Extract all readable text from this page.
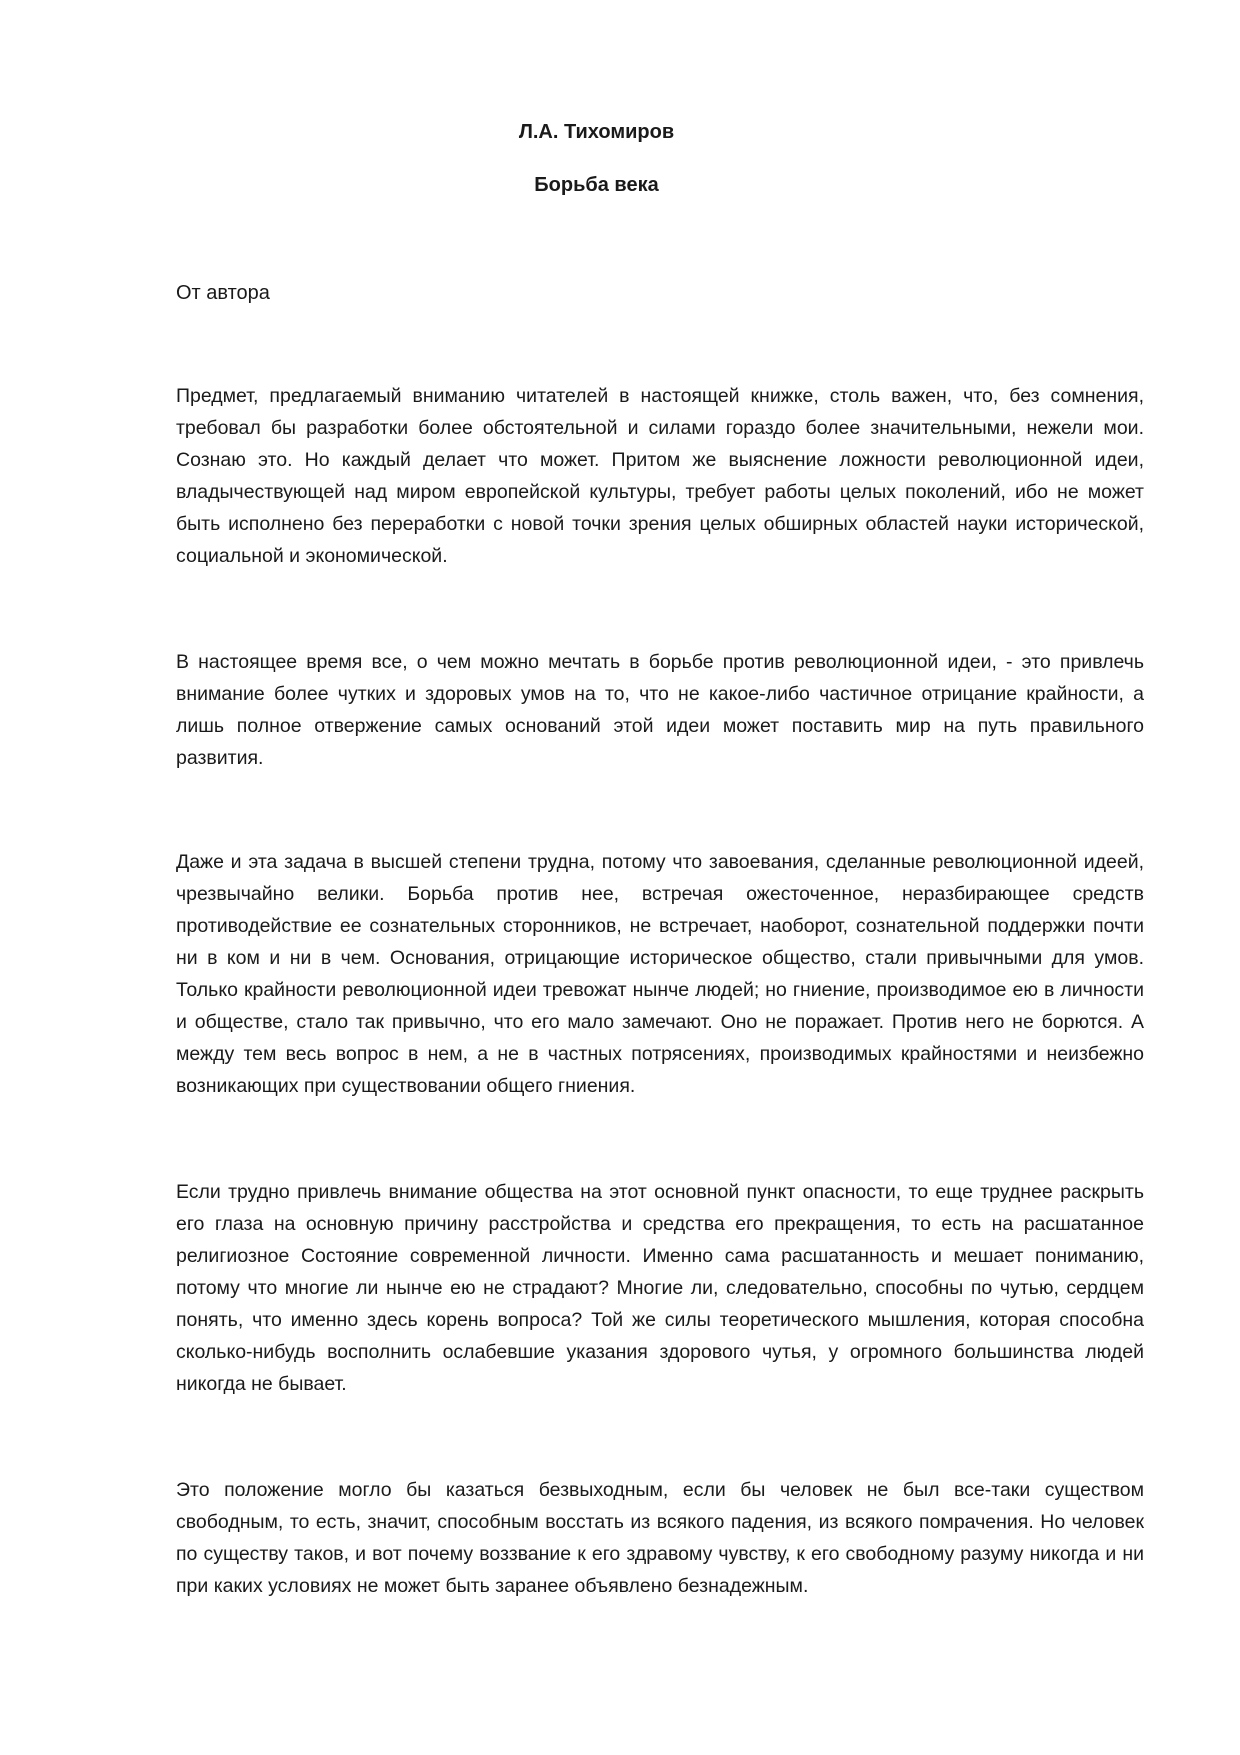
Л.А. Тихомиров
Борьба века
От автора

Предмет, предлагаемый вниманию читателей в настоящей книжке, столь важен, что, без сомнения, требовал бы разработки более обстоятельной и силами гораздо более значительными, нежели мои. Сознаю это. Но каждый делает что может. Притом же выяснение ложности революционной идеи, владычествующей над миром европейской культуры, требует работы целых поколений, ибо не может быть исполнено без переработки с новой точки зрения целых обширных областей науки исторической, социальной и экономической.

В настоящее время все, о чем можно мечтать в борьбе против революционной идеи, - это привлечь внимание более чутких и здоровых умов на то, что не какое-либо частичное отрицание крайности, а лишь полное отвержение самых оснований этой идеи может поставить мир на путь правильного развития.

Даже и эта задача в высшей степени трудна, потому что завоевания, сделанные революционной идеей, чрезвычайно велики. Борьба против нее, встречая ожесточенное, неразбирающее средств противодействие ее сознательных сторонников, не встречает, наоборот, сознательной поддержки почти ни в ком и ни в чем. Основания, отрицающие историческое общество, стали привычными для умов. Только крайности революционной идеи тревожат нынче людей; но гниение, производимое ею в личности и обществе, стало так привычно, что его мало замечают. Оно не поражает. Против него не борются. А между тем весь вопрос в нем, а не в частных потрясениях, производимых крайностями и неизбежно возникающих при существовании общего гниения.

Если трудно привлечь внимание общества на этот основной пункт опасности, то еще труднее раскрыть его глаза на основную причину расстройства и средства его прекращения, то есть на расшатанное религиозное Состояние современной личности. Именно сама расшатанность и мешает пониманию, потому что многие ли нынче ею не страдают? Многие ли, следовательно, способны по чутью, сердцем понять, что именно здесь корень вопроса? Той же силы теоретического мышления, которая способна сколько-нибудь восполнить ослабевшие указания здорового чутья, у огромного большинства людей никогда не бывает.

Это положение могло бы казаться безвыходным, если бы человек не был все-таки существом свободным, то есть, значит, способным восстать из всякого падения, из всякого помрачения. Но человек по существу таков, и вот почему воззвание к его здравому чувству, к его свободному разуму никогда и ни при каких условиях не может быть заранее объявлено безнадежным.
